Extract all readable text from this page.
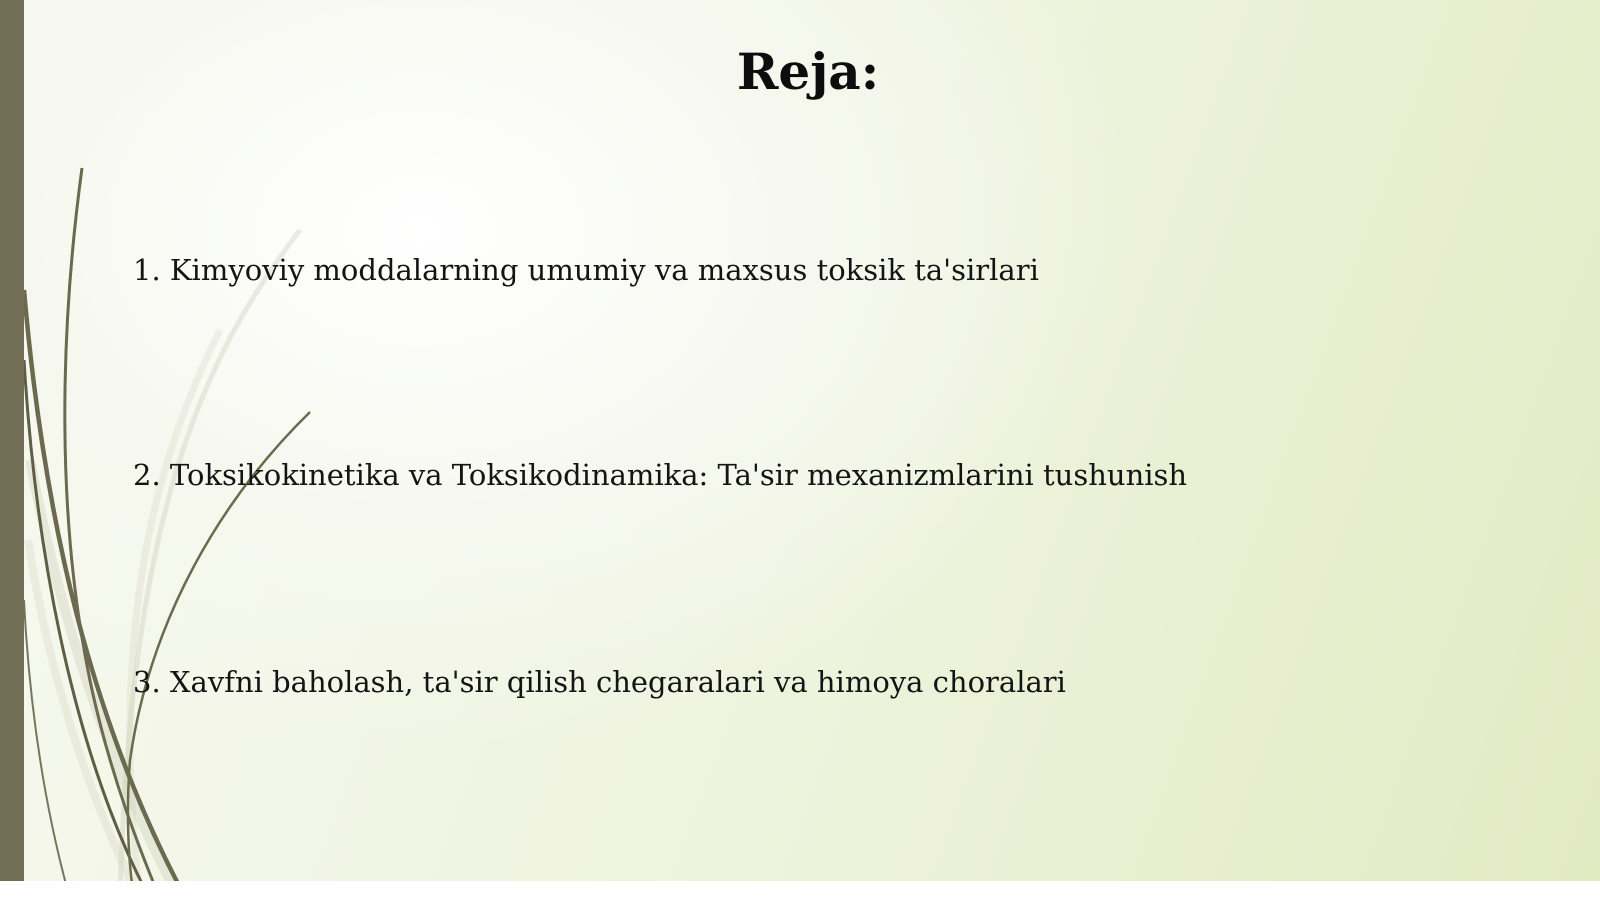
Reja:

1. Kimyoviy moddalarning umumiy va maxsus toksik ta'sirlari

2. Toksikokinetika va Toksikodinamika: Ta'sir mexanizmlarini tushunish

3. Xavfni baholash, ta'sir qilish chegaralari va himoya choralari
